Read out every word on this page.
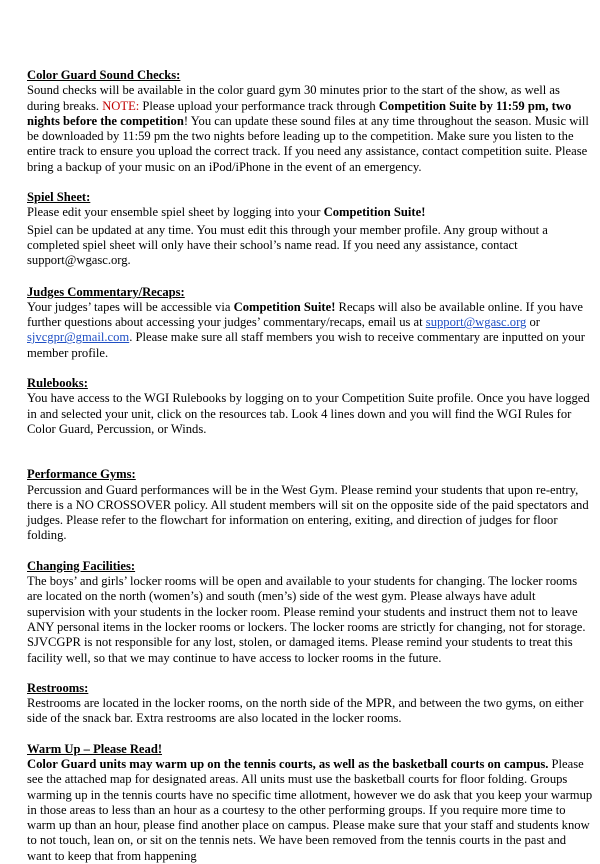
Color Guard Sound Checks:
Sound checks will be available in the color guard gym 30 minutes prior to the start of the show, as well as during breaks. NOTE: Please upload your performance track through Competition Suite by 11:59 pm, two nights before the competition! You can update these sound files at any time throughout the season. Music will be downloaded by 11:59 pm the two nights before leading up to the competition. Make sure you listen to the entire track to ensure you upload the correct track. If you need any assistance, contact competition suite. Please bring a backup of your music on an iPod/iPhone in the event of an emergency.
Spiel Sheet:
Please edit your ensemble spiel sheet by logging into your Competition Suite!
Spiel can be updated at any time. You must edit this through your member profile. Any group without a completed spiel sheet will only have their school’s name read. If you need any assistance, contact support@wgasc.org.
Judges Commentary/Recaps:
Your judges’ tapes will be accessible via Competition Suite! Recaps will also be available online. If you have further questions about accessing your judges’ commentary/recaps, email us at support@wgasc.org or sjvcgpr@gmail.com. Please make sure all staff members you wish to receive commentary are inputted on your member profile.
Rulebooks:
You have access to the WGI Rulebooks by logging on to your Competition Suite profile. Once you have logged in and selected your unit, click on the resources tab. Look 4 lines down and you will find the WGI Rules for Color Guard, Percussion, or Winds.
Performance Gyms:
Percussion and Guard performances will be in the West Gym. Please remind your students that upon re-entry, there is a NO CROSSOVER policy. All student members will sit on the opposite side of the paid spectators and judges. Please refer to the flowchart for information on entering, exiting, and direction of judges for floor folding.
Changing Facilities:
The boys’ and girls’ locker rooms will be open and available to your students for changing. The locker rooms are located on the north (women’s) and south (men’s) side of the west gym. Please always have adult supervision with your students in the locker room. Please remind your students and instruct them not to leave ANY personal items in the locker rooms or lockers. The locker rooms are strictly for changing, not for storage. SJVCGPR is not responsible for any lost, stolen, or damaged items. Please remind your students to treat this facility well, so that we may continue to have access to locker rooms in the future.
Restrooms:
Restrooms are located in the locker rooms, on the north side of the MPR, and between the two gyms, on either side of the snack bar. Extra restrooms are also located in the locker rooms.
Warm Up – Please Read!
Color Guard units may warm up on the tennis courts, as well as the basketball courts on campus. Please see the attached map for designated areas. All units must use the basketball courts for floor folding. Groups warming up in the tennis courts have no specific time allotment, however we do ask that you keep your warmup in those areas to less than an hour as a courtesy to the other performing groups. If you require more time to warm up than an hour, please find another place on campus. Please make sure that your staff and students know to not touch, lean on, or sit on the tennis nets. We have been removed from the tennis courts in the past and want to keep that from happening
